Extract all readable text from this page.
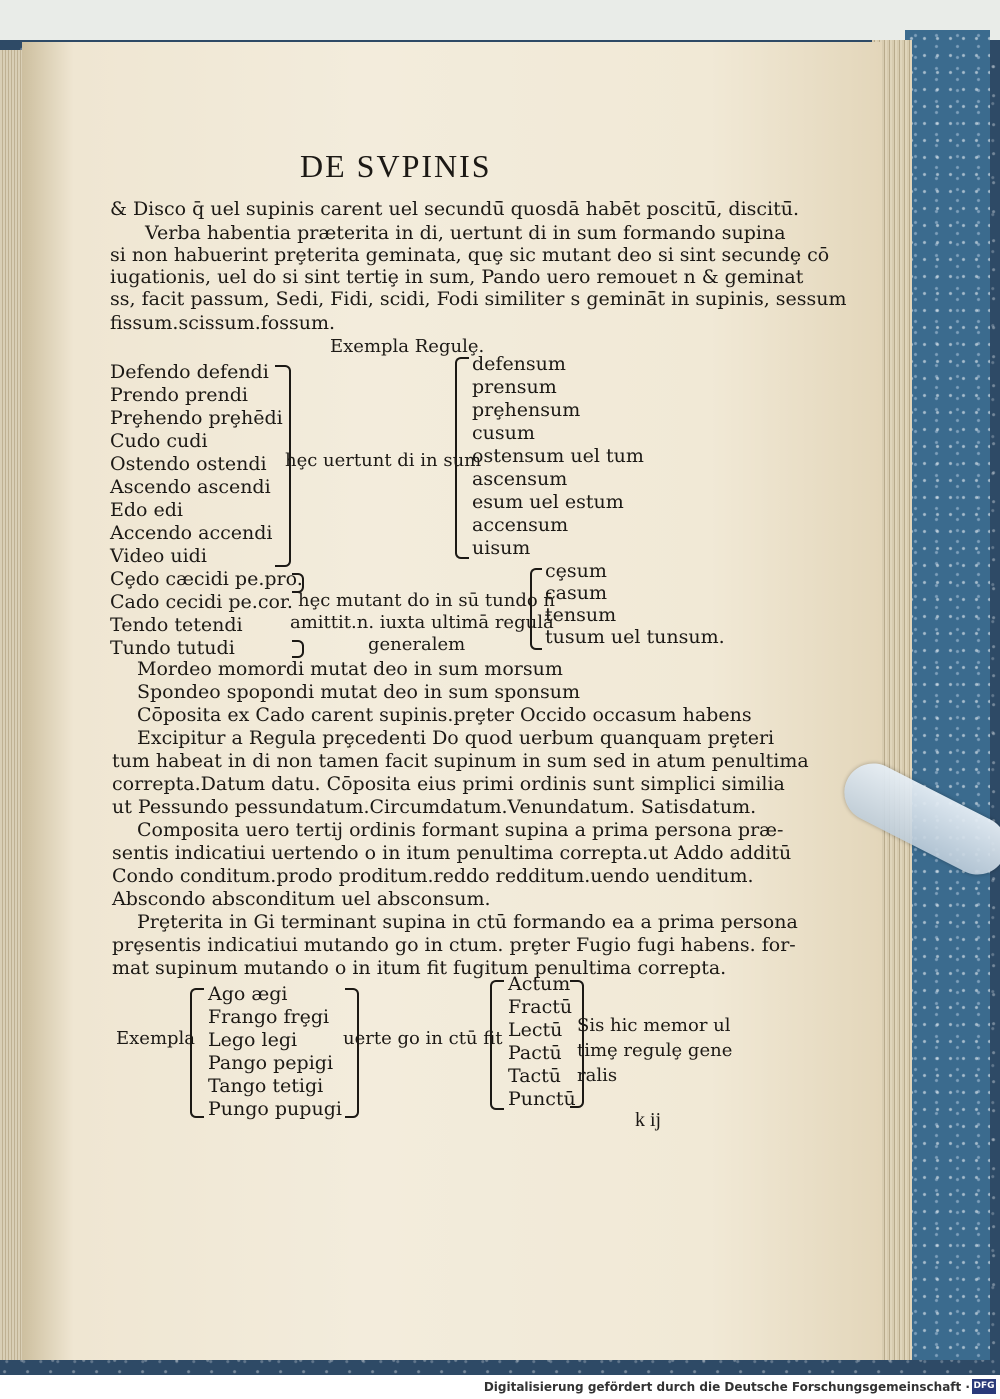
DE SVPINIS
& Disco q̄ uel supinis carent uel secundū̄ quosdā habēt poscitū̄, discitū̄.
Verba habentia præterita in di, uertunt di in sum formando supina
si non habuerint prȩterita geminata, quȩ sic mutant deo si sint secundȩ cō
iugationis, uel do si sint tertiȩ in sum, Pando uero remouet n & geminat
ss, facit passum, Sedi, Fidi, scidi, Fodi similiter s geminā̄t in supinis, sessum
fissum.scissum.fossum.
Exempla Regulȩ.
Defendo defendi
Prendo prendi
Prȩhendo prȩhēdi
Cudo cudi
Ostendo ostendi
Ascendo ascendi
Edo edi
Accendo accendi
Video uidi
hȩc uertunt di in sum
defensum
prensum
prȩhensum
cusum
ostensum uel tum
ascensum
esum uel estum
accensum
uisum
Cȩdo cæcidi pe.pro.
Cado cecidi pe.cor.
Tendo tetendi
Tundo tutudi
hȩc mutant do in sū tundo n̄
amittit.n. iuxta ultimā regulā
generalem
cȩsum
casum
tensum
tusum uel tunsum.
Mordeo momordi mutat deo in sum morsum
Spondeo spopondi mutat deo in sum sponsum
Cōposita ex Cado carent supinis.prȩter Occido occasum habens
Excipitur a Regula prȩcedenti Do quod uerbum quanquam prȩteri
tum habeat in di non tamen facit supinum in sum sed in atum penultima
correpta.Datum datu. Cōposita eius primi ordinis sunt simplici similia
ut Pessundo pessundatum.Circumdatum.Venundatum. Satisdatum.
Composita uero tertij ordinis formant supina a prima persona præ-
sentis indicatiui uertendo o in itum penultima correpta.ut Addo additū
Condo conditum.prodo proditum.reddo redditum.uendo uenditum.
Abscondo absconditum uel absconsum.
Prȩterita in Gi terminant supina in ctū formando ea a prima persona
prȩsentis indicatiui mutando go in ctum. prȩter Fugio fugi habens. for-
mat supinum mutando o in itum fit fugitum penultima correpta.
Exempla
Ago ægi
Frango frȩgi
Lego legi
Pango pepigi
Tango tetigi
Pungo pupugi
uerte go in ctū fit
Actum
Fractū
Lectū
Pactū
Tactū
Punctū
Sis hic memor ul
timȩ regulȩ gene
ralis
k ij
Digitalisierung gefördert durch die Deutsche Forschungsgemeinschaft · DFG
